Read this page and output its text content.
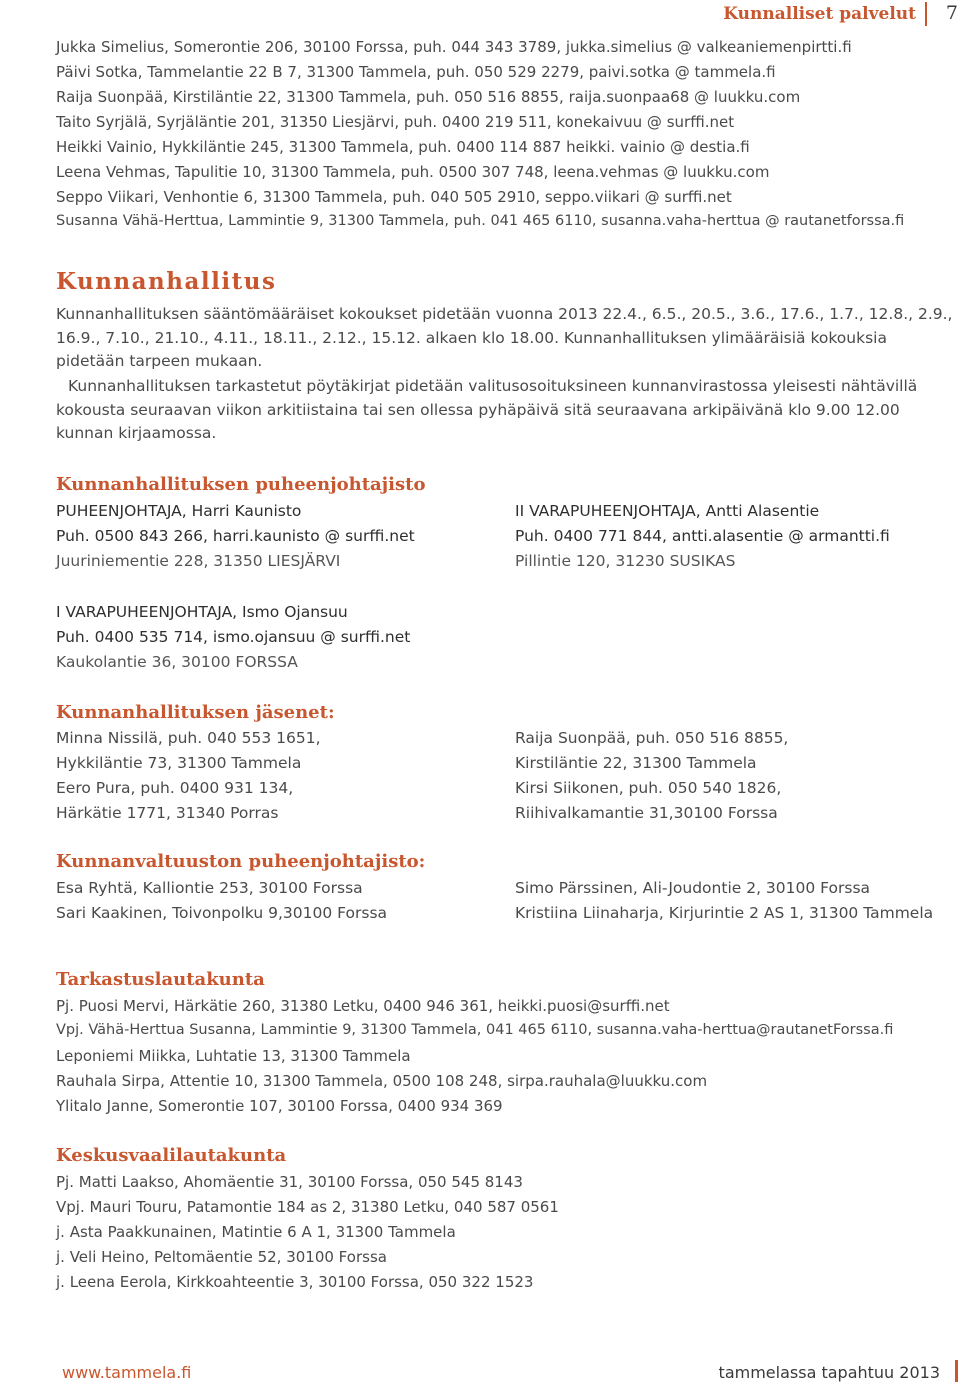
Kunnalliset palvelut 7
Jukka Simelius, Somerontie 206, 30100 Forssa, puh. 044 343 3789, jukka.simelius @ valkeaniemenpirtti.fi
Päivi Sotka, Tammelantie 22 B 7, 31300 Tammela, puh. 050 529 2279, paivi.sotka @ tammela.fi
Raija Suonpää, Kirstiläntie 22, 31300 Tammela, puh. 050 516 8855, raija.suonpaa68 @ luukku.com
Taito Syrjälä, Syrjäläntie 201, 31350 Liesjärvi, puh. 0400 219 511, konekaivuu @ surffi.net
Heikki Vainio, Hykkiläntie 245, 31300 Tammela, puh. 0400 114 887 heikki. vainio @ destia.fi
Leena Vehmas, Tapulitie 10, 31300 Tammela, puh. 0500 307 748, leena.vehmas @ luukku.com
Seppo Viikari, Venhontie 6, 31300 Tammela, puh. 040 505 2910, seppo.viikari @ surffi.net
Susanna Vähä-Herttua, Lammintie 9, 31300 Tammela, puh. 041 465 6110, susanna.vaha-herttua @ rautanetforssa.fi
Kunnanhallitus

Kunnanhallituksen sääntömääräiset kokoukset pidetään vuonna 2013 22.4., 6.5., 20.5., 3.6., 17.6., 1.7., 12.8., 2.9., 16.9., 7.10., 21.10., 4.11., 18.11., 2.12., 15.12. alkaen klo 18.00. Kunnanhallituksen ylimääräisiä kokouksia pidetään tarpeen mukaan.

Kunnanhallituksen tarkastetut pöytäkirjat pidetään valitusosoituksineen kunnanvirastossa yleisesti nähtävillä kokousta seuraavan viikon arkitiistaina tai sen ollessa pyhäpäivä sitä seuraavana arkipäivänä klo 9.00 12.00 kunnan kirjaamossa.

Kunnanhallituksen puheenjohtajisto
PUHEENJOHTAJA, Harri Kaunisto
Puh. 0500 843 266, harri.kaunisto @ surffi.net
Juuriniementie 228, 31350 LIESJÄRVI
II VARAPUHEENJOHTAJA, Antti Alasentie
Puh. 0400 771 844, antti.alasentie @ armantti.fi
Pillintie 120, 31230 SUSIKAS
I VARAPUHEENJOHTAJA, Ismo Ojansuu
Puh. 0400 535 714, ismo.ojansuu @ surffi.net
Kaukolantie 36, 30100 FORSSA
Kunnanhallituksen jäsenet:
Minna Nissilä, puh. 040 553 1651,
Hykkiläntie 73, 31300 Tammela
Eero Pura, puh. 0400 931 134,
Härkätie 1771, 31340 Porras
Raija Suonpää, puh. 050 516 8855,
Kirstiläntie 22, 31300 Tammela
Kirsi Siikonen, puh. 050 540 1826,
Riihivalkamantie 31,30100 Forssa
Kunnanvaltuuston puheenjohtajisto:
Esa Ryhtä, Kalliontie 253, 30100 Forssa
Sari Kaakinen, Toivonpolku 9,30100 Forssa
Simo Pärssinen, Ali-Joudontie 2, 30100 Forssa
Kristiina Liinaharja, Kirjurintie 2 AS 1, 31300 Tammela
Tarkastuslautakunta
Pj. Puosi Mervi, Härkätie 260, 31380 Letku, 0400 946 361, heikki.puosi@surffi.net
Vpj. Vähä-Herttua Susanna, Lammintie 9, 31300 Tammela, 041 465 6110, susanna.vaha-herttua@rautanetForssa.fi
Leponiemi Miikka, Luhtatie 13, 31300 Tammela
Rauhala Sirpa, Attentie 10, 31300 Tammela, 0500 108 248, sirpa.rauhala@luukku.com
Ylitalo Janne, Somerontie 107, 30100 Forssa, 0400 934 369
Keskusvaalilautakunta
Pj. Matti Laakso, Ahomäentie 31, 30100 Forssa, 050 545 8143
Vpj. Mauri Touru, Patamontie 184 as 2, 31380 Letku, 040 587 0561
j. Asta Paakkunainen, Matintie 6 A 1, 31300 Tammela
j. Veli Heino, Peltomäentie 52, 30100 Forssa
j. Leena Eerola, Kirkkoahteentie 3, 30100 Forssa, 050 322 1523
www.tammela.fi	tammelassa tapahtuu 2013
